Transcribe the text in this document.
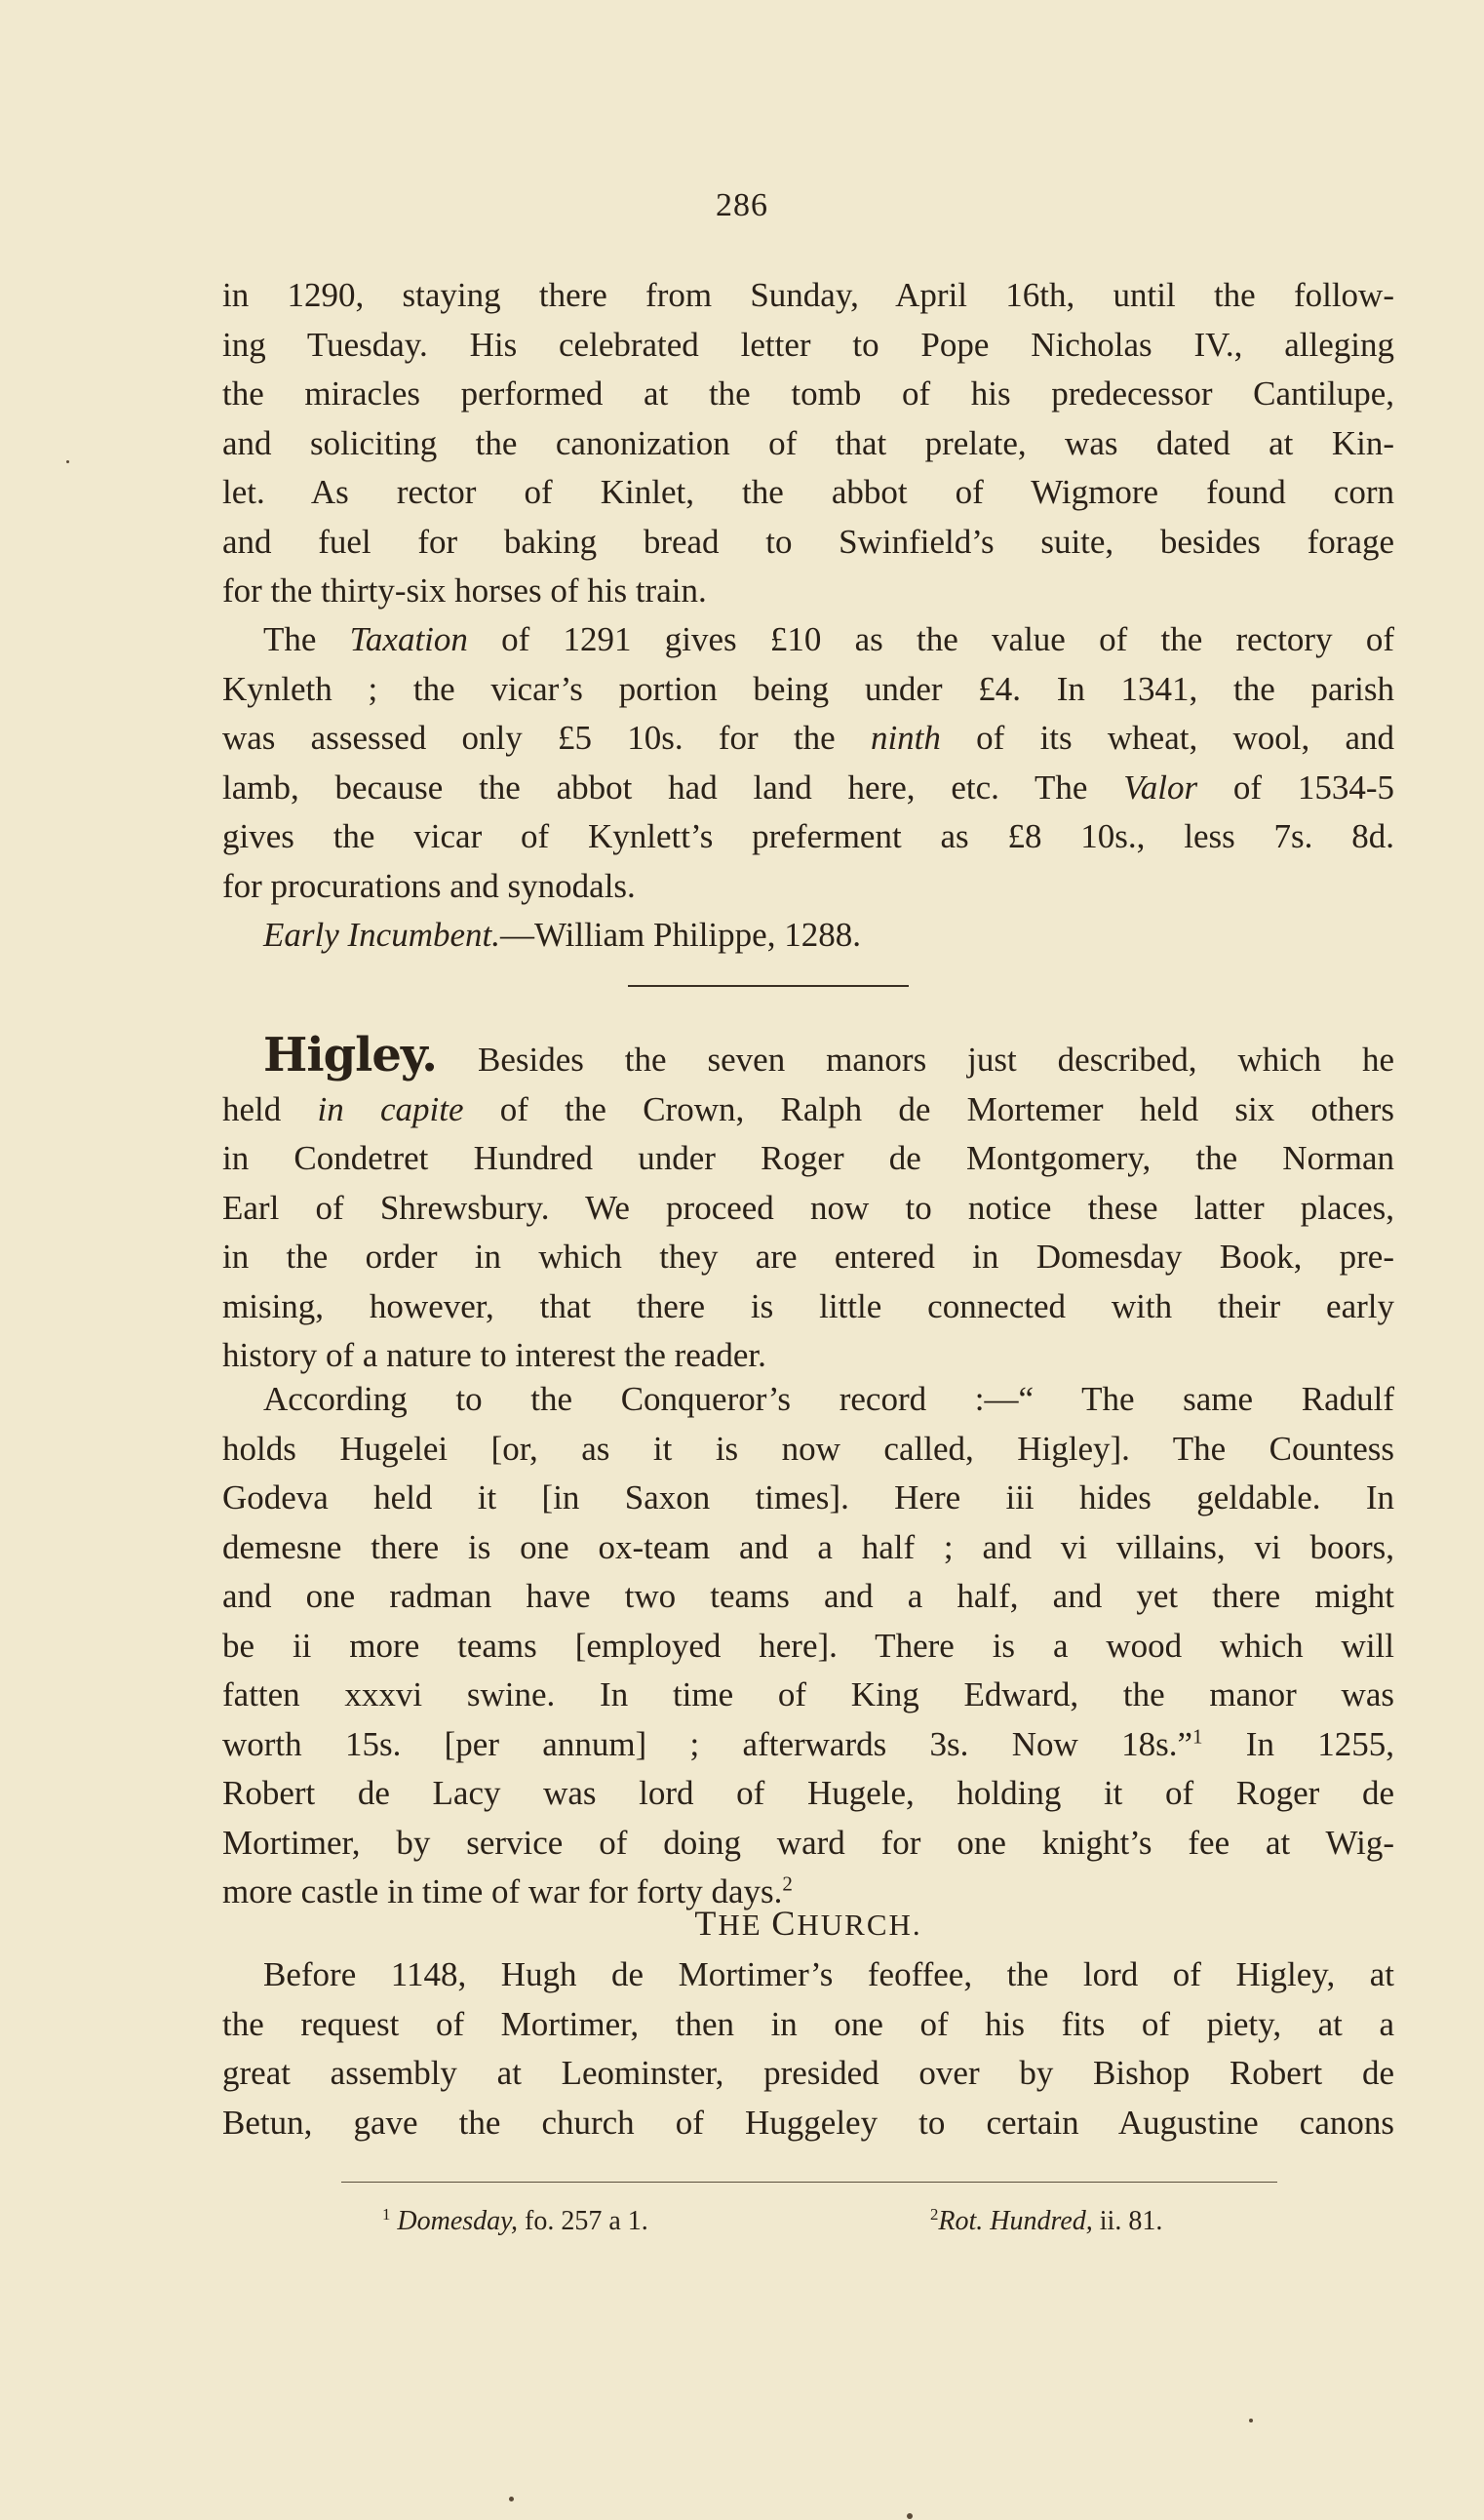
286
in 1290, staying there from Sunday, April 16th, until the follow-
ing Tuesday. His celebrated letter to Pope Nicholas IV., alleging
the miracles performed at the tomb of his predecessor Cantilupe,
and soliciting the canonization of that prelate, was dated at Kin-
let. As rector of Kinlet, the abbot of Wigmore found corn
and fuel for baking bread to Swinfield’s suite, besides forage
for the thirty-six horses of his train.
The Taxation of 1291 gives £10 as the value of the rectory of
Kynleth ; the vicar’s portion being under £4. In 1341, the parish
was assessed only £5 10s. for the ninth of its wheat, wool, and
lamb, because the abbot had land here, etc. The Valor of 1534-5
gives the vicar of Kynlett’s preferment as £8 10s., less 7s. 8d.
for procurations and synodals.
Early Incumbent.—William Philippe, 1288.
Higley. Besides the seven manors just described, which he
held in capite of the Crown, Ralph de Mortemer held six others
in Condetret Hundred under Roger de Montgomery, the Norman
Earl of Shrewsbury. We proceed now to notice these latter places,
in the order in which they are entered in Domesday Book, pre-
mising, however, that there is little connected with their early
history of a nature to interest the reader.
According to the Conqueror’s record :—“ The same Radulf
holds Hugelei [or, as it is now called, Higley]. The Countess
Godeva held it [in Saxon times]. Here iii hides geldable. In
demesne there is one ox-team and a half ; and vi villains, vi boors,
and one radman have two teams and a half, and yet there might
be ii more teams [employed here]. There is a wood which will
fatten xxxvi swine. In time of King Edward, the manor was
worth 15s. [per annum] ; afterwards 3s. Now 18s.”$^1$ In 1255,
Robert de Lacy was lord of Hugele, holding it of Roger de
Mortimer, by service of doing ward for one knight’s fee at Wig-
more castle in time of war for forty days.$^2$
THE CHURCH.
Before 1148, Hugh de Mortimer’s feoffee, the lord of Higley, at
the request of Mortimer, then in one of his fits of piety, at a
great assembly at Leominster, presided over by Bishop Robert de
Betun, gave the church of Huggeley to certain Augustine canons
$^1$ Domesday, fo. 257 a 1.	$^2$Rot. Hundred, ii. 81.
